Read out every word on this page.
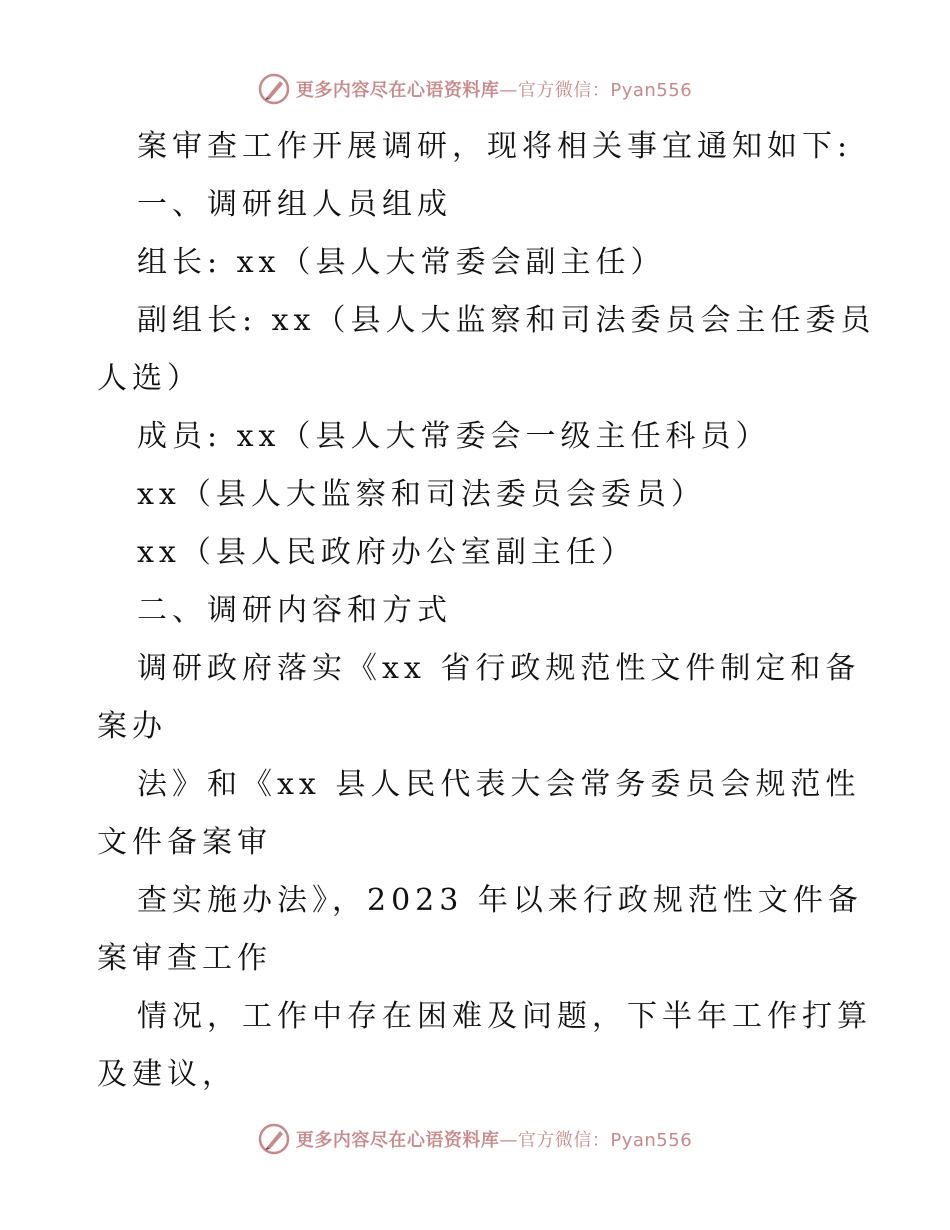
更多内容尽在心语资料库—官方微信：Pyan556
案审查工作开展调研，现将相关事宜通知如下:
一、调研组人员组成
组长: xx（县人大常委会副主任）
副组长: xx（县人大监察和司法委员会主任委员
人选）
成员: xx（县人大常委会一级主任科员）
xx（县人大监察和司法委员会委员）
xx（县人民政府办公室副主任）
二、调研内容和方式
调研政府落实《xx 省行政规范性文件制定和备
案办
法》和《xx 县人民代表大会常务委员会规范性
文件备案审
查实施办法》，2023 年以来行政规范性文件备
案审查工作
情况，工作中存在困难及问题，下半年工作打算
及建议，
更多内容尽在心语资料库—官方微信：Pyan556
